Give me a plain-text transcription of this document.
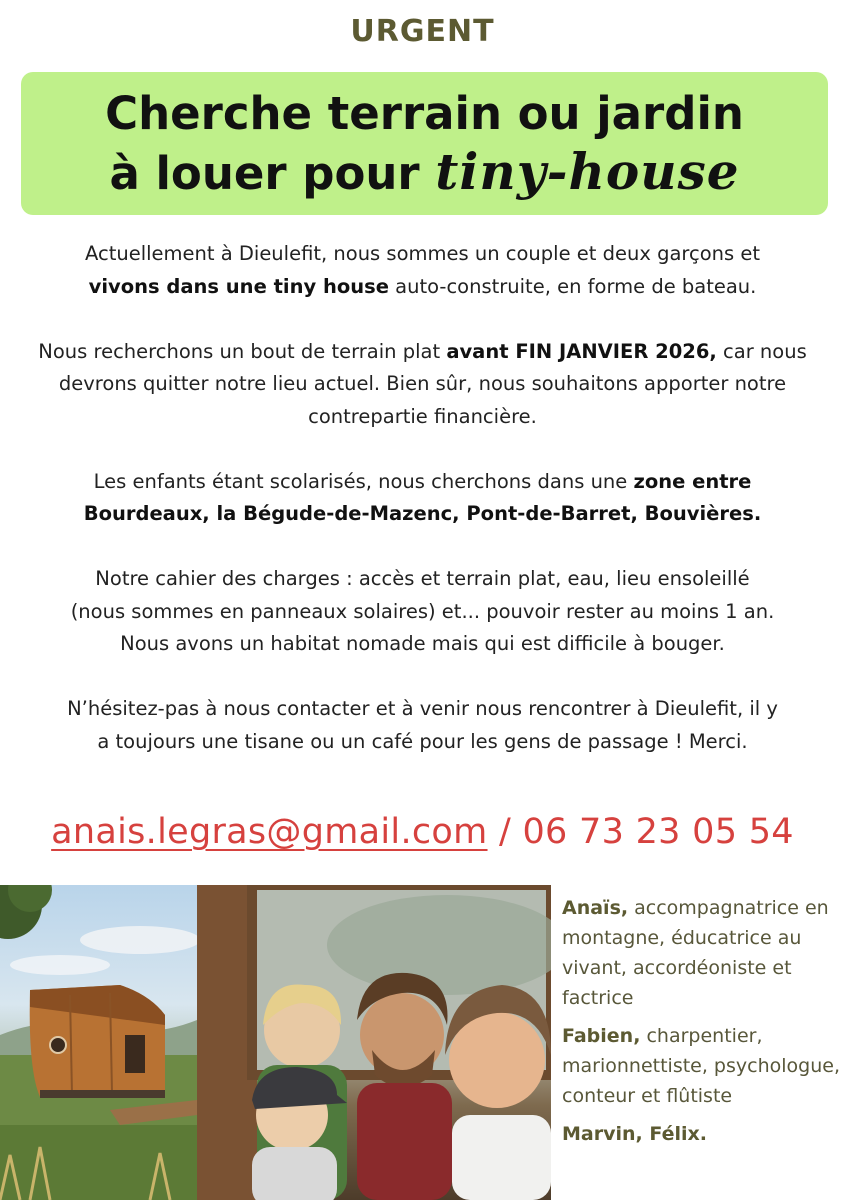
URGENT
Cherche terrain ou jardin
à louer pour tiny-house

Actuellement à Dieulefit, nous sommes un couple et deux garçons et
vivons dans une tiny house auto-construite, en forme de bateau.

Nous recherchons un bout de terrain plat avant FIN JANVIER 2026, car nous devrons quitter notre lieu actuel. Bien sûr, nous souhaitons apporter notre contrepartie financière.

Les enfants étant scolarisés, nous cherchons dans une zone entre
Bourdeaux, la Bégude-de-Mazenc, Pont-de-Barret, Bouvières.

Notre cahier des charges : accès et terrain plat, eau, lieu ensoleillé
(nous sommes en panneaux solaires) et... pouvoir rester au moins 1 an.
Nous avons un habitat nomade mais qui est difficile à bouger.

N’hésitez-pas à nous contacter et à venir nous rencontrer à Dieulefit, il y
a toujours une tisane ou un café pour les gens de passage ! Merci.

anais.legras@gmail.com / 06 73 23 05 54

Anaïs, accompagnatrice en montagne, éducatrice au vivant, accordéoniste et factrice

Fabien, charpentier, marionnettiste, psychologue, conteur et flûtiste

Marvin, Félix.
